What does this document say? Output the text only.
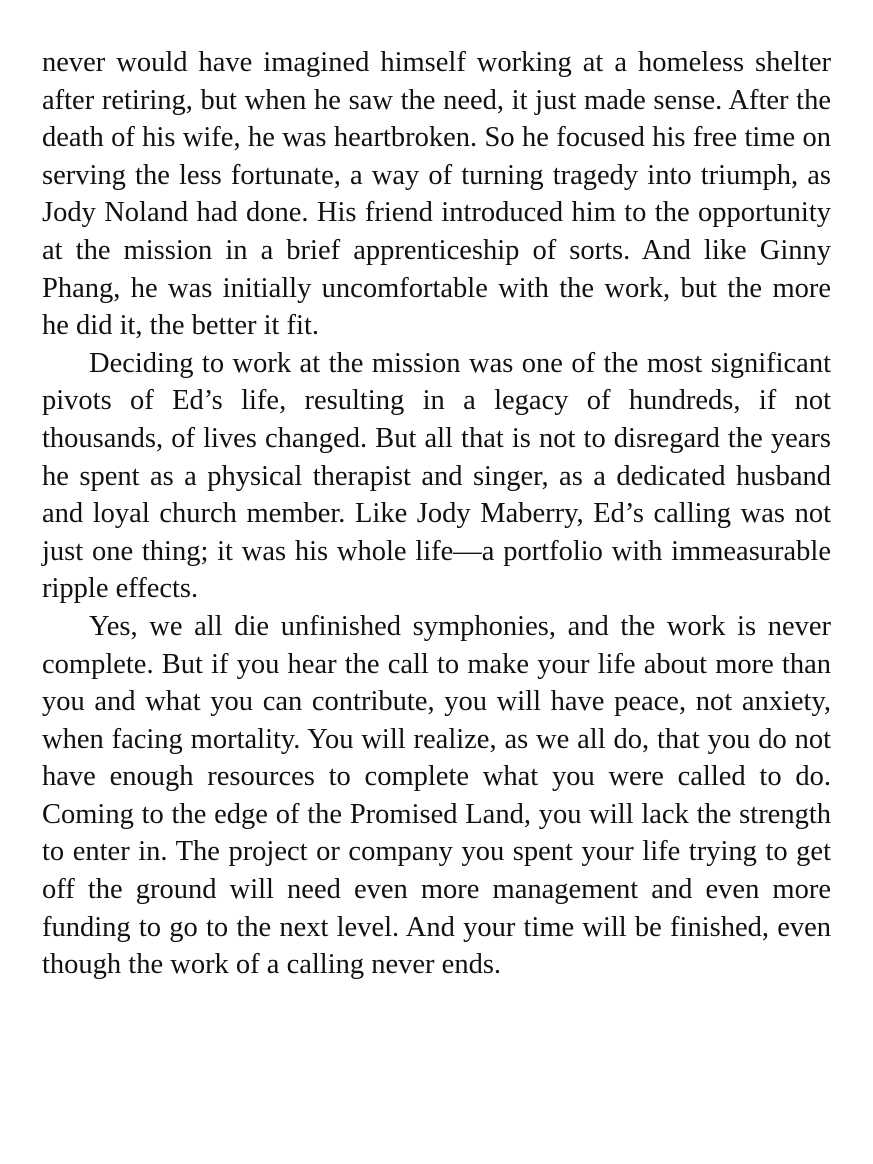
never would have imagined himself working at a homeless shelter after retiring, but when he saw the need, it just made sense. After the death of his wife, he was heartbroken. So he focused his free time on serving the less fortunate, a way of turning tragedy into triumph, as Jody Noland had done. His friend introduced him to the opportunity at the mission in a brief apprenticeship of sorts. And like Ginny Phang, he was initially uncomfortable with the work, but the more he did it, the better it fit.

Deciding to work at the mission was one of the most significant pivots of Ed’s life, resulting in a legacy of hundreds, if not thousands, of lives changed. But all that is not to disregard the years he spent as a physical therapist and singer, as a dedicated husband and loyal church member. Like Jody Maberry, Ed’s calling was not just one thing; it was his whole life—a portfolio with immeasurable ripple effects.

Yes, we all die unfinished symphonies, and the work is never complete. But if you hear the call to make your life about more than you and what you can contribute, you will have peace, not anxiety, when facing mortality. You will realize, as we all do, that you do not have enough resources to complete what you were called to do. Coming to the edge of the Promised Land, you will lack the strength to enter in. The project or company you spent your life trying to get off the ground will need even more management and even more funding to go to the next level. And your time will be finished, even though the work of a calling never ends.
